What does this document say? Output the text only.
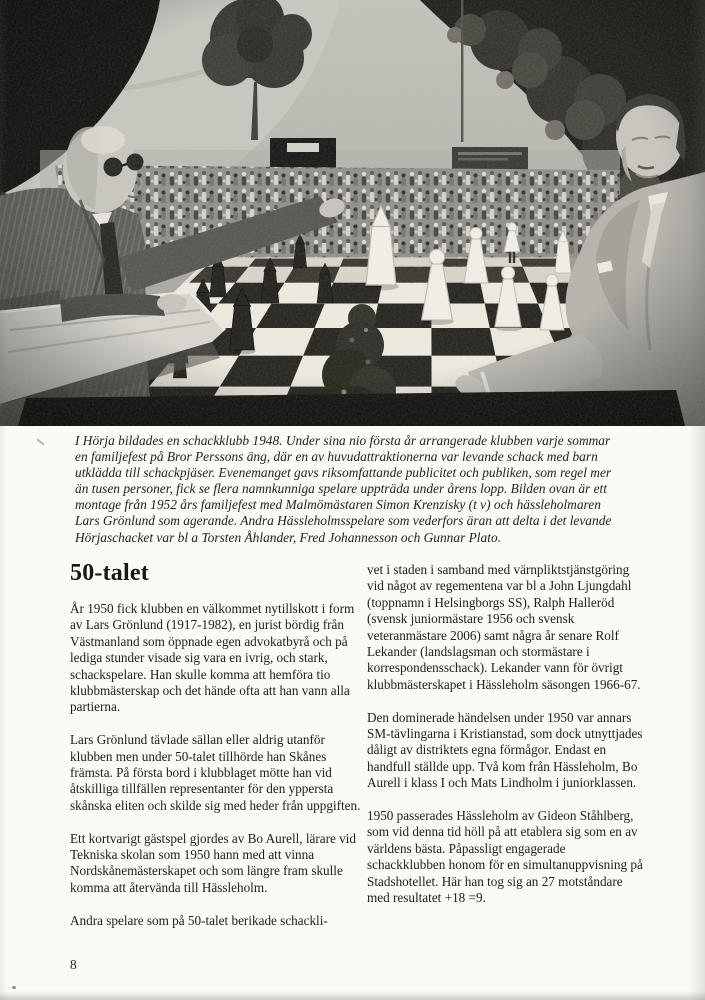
I Hörja bildades en schackklubb 1948. Under sina nio första år arrangerade klubben varje sommar en familjefest på Bror Perssons äng, där en av huvudattraktionerna var levande schack med barn utklädda till schackpjäser. Evenemanget gavs riksomfattande publicitet och publiken, som regel mer än tusen personer, fick se flera namnkunniga spelare uppträda under årens lopp. Bilden ovan är ett montage från 1952 års familjefest med Malmömästaren Simon Krenzisky (t v) och hässleholmaren Lars Grönlund som agerande. Andra Hässleholmsspelare som vederfors äran att delta i det levande Hörjaschacket var bl a Torsten Åhlander, Fred Johannesson och Gunnar Plato.

50-talet

År 1950 fick klubben en välkommet nytillskott i form av Lars Grönlund (1917-1982), en jurist bördig från Västmanland som öppnade egen advokatbyrå och på lediga stunder visade sig vara en ivrig, och stark, schackspelare. Han skulle komma att hemföra tio klubbmästerskap och det hände ofta att han vann alla partierna.

Lars Grönlund tävlade sällan eller aldrig utanför klubben men under 50-talet tillhörde han Skånes främsta. På första bord i klubblaget mötte han vid åtskilliga tillfällen representanter för den yppersta skånska eliten och skilde sig med heder från uppgiften.

Ett kortvarigt gästspel gjordes av Bo Aurell, lärare vid Tekniska skolan som 1950 hann med att vinna Nordskånemästerskapet och som längre fram skulle komma att återvända till Hässleholm.

Andra spelare som på 50-talet berikade schackli-

vet i staden i samband med värnpliktstjänstgöring vid något av regementena var bl a John Ljungdahl (toppnamn i Helsingborgs SS), Ralph Halleröd (svensk juniormästare 1956 och svensk veteranmästare 2006) samt några år senare Rolf Lekander (landslagsman och stormästare i korrespondensschack). Lekander vann för övrigt klubbmästerskapet i Hässleholm säsongen 1966-67.

Den dominerade händelsen under 1950 var annars SM-tävlingarna i Kristianstad, som dock utnyttjades dåligt av distriktets egna förmågor. Endast en handfull ställde upp. Två kom från Hässleholm, Bo Aurell i klass I och Mats Lindholm i juniorklassen.

1950 passerades Hässleholm av Gideon Ståhlberg, som vid denna tid höll på att etablera sig som en av världens bästa. Påpassligt engagerade schackklubben honom för en simultanuppvisning på Stadshotellet. Här han tog sig an 27 motståndare med resultatet +18 =9.

8
